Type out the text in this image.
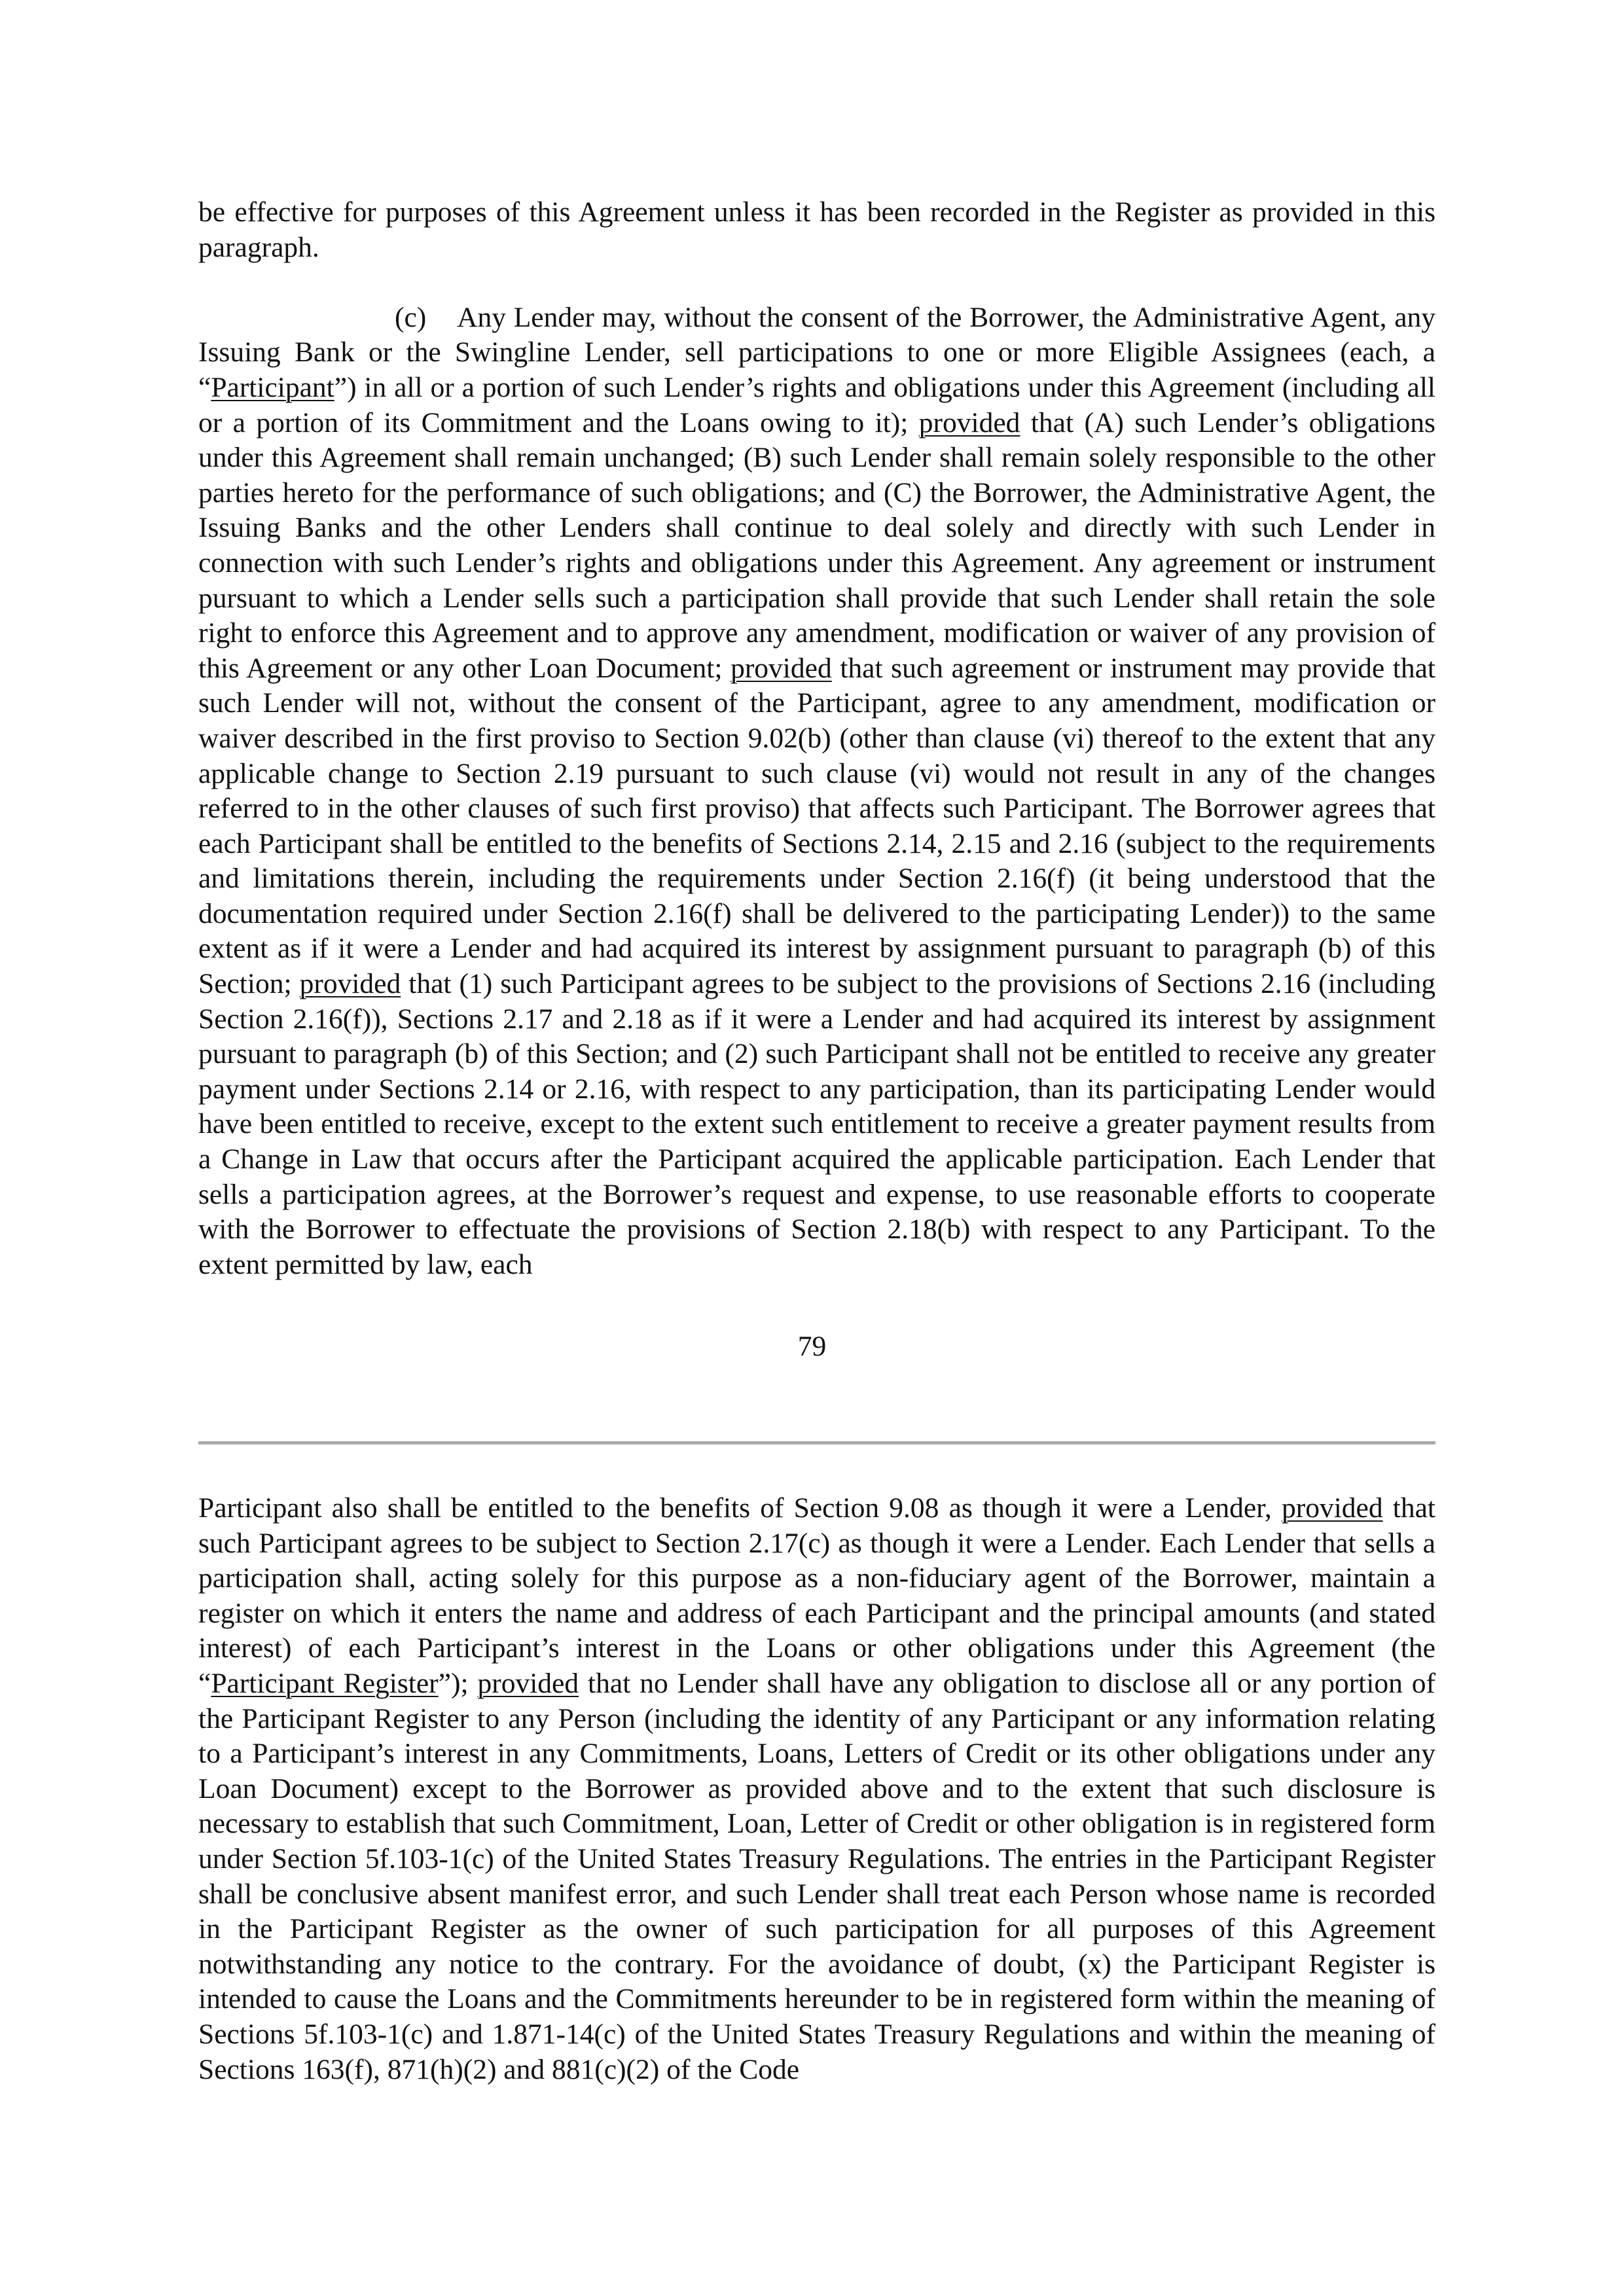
be effective for purposes of this Agreement unless it has been recorded in the Register as provided in this paragraph.

(c)    Any Lender may, without the consent of the Borrower, the Administrative Agent, any Issuing Bank or the Swingline Lender, sell participations to one or more Eligible Assignees (each, a “Participant”) in all or a portion of such Lender’s rights and obligations under this Agreement (including all or a portion of its Commitment and the Loans owing to it); provided that (A) such Lender’s obligations under this Agreement shall remain unchanged; (B) such Lender shall remain solely responsible to the other parties hereto for the performance of such obligations; and (C) the Borrower, the Administrative Agent, the Issuing Banks and the other Lenders shall continue to deal solely and directly with such Lender in connection with such Lender’s rights and obligations under this Agreement. Any agreement or instrument pursuant to which a Lender sells such a participation shall provide that such Lender shall retain the sole right to enforce this Agreement and to approve any amendment, modification or waiver of any provision of this Agreement or any other Loan Document; provided that such agreement or instrument may provide that such Lender will not, without the consent of the Participant, agree to any amendment, modification or waiver described in the first proviso to Section 9.02(b) (other than clause (vi) thereof to the extent that any applicable change to Section 2.19 pursuant to such clause (vi) would not result in any of the changes referred to in the other clauses of such first proviso) that affects such Participant. The Borrower agrees that each Participant shall be entitled to the benefits of Sections 2.14, 2.15 and 2.16 (subject to the requirements and limitations therein, including the requirements under Section 2.16(f) (it being understood that the documentation required under Section 2.16(f) shall be delivered to the participating Lender)) to the same extent as if it were a Lender and had acquired its interest by assignment pursuant to paragraph (b) of this Section; provided that (1) such Participant agrees to be subject to the provisions of Sections 2.16 (including Section 2.16(f)), Sections 2.17 and 2.18 as if it were a Lender and had acquired its interest by assignment pursuant to paragraph (b) of this Section; and (2) such Participant shall not be entitled to receive any greater payment under Sections 2.14 or 2.16, with respect to any participation, than its participating Lender would have been entitled to receive, except to the extent such entitlement to receive a greater payment results from a Change in Law that occurs after the Participant acquired the applicable participation. Each Lender that sells a participation agrees, at the Borrower’s request and expense, to use reasonable efforts to cooperate with the Borrower to effectuate the provisions of Section 2.18(b) with respect to any Participant. To the extent permitted by law, each

79

Participant also shall be entitled to the benefits of Section 9.08 as though it were a Lender, provided that such Participant agrees to be subject to Section 2.17(c) as though it were a Lender. Each Lender that sells a participation shall, acting solely for this purpose as a non-fiduciary agent of the Borrower, maintain a register on which it enters the name and address of each Participant and the principal amounts (and stated interest) of each Participant’s interest in the Loans or other obligations under this Agreement (the “Participant Register”); provided that no Lender shall have any obligation to disclose all or any portion of the Participant Register to any Person (including the identity of any Participant or any information relating to a Participant’s interest in any Commitments, Loans, Letters of Credit or its other obligations under any Loan Document) except to the Borrower as provided above and to the extent that such disclosure is necessary to establish that such Commitment, Loan, Letter of Credit or other obligation is in registered form under Section 5f.103-1(c) of the United States Treasury Regulations. The entries in the Participant Register shall be conclusive absent manifest error, and such Lender shall treat each Person whose name is recorded in the Participant Register as the owner of such participation for all purposes of this Agreement notwithstanding any notice to the contrary. For the avoidance of doubt, (x) the Participant Register is intended to cause the Loans and the Commitments hereunder to be in registered form within the meaning of Sections 5f.103-1(c) and 1.871-14(c) of the United States Treasury Regulations and within the meaning of Sections 163(f), 871(h)(2) and 881(c)(2) of the Code
